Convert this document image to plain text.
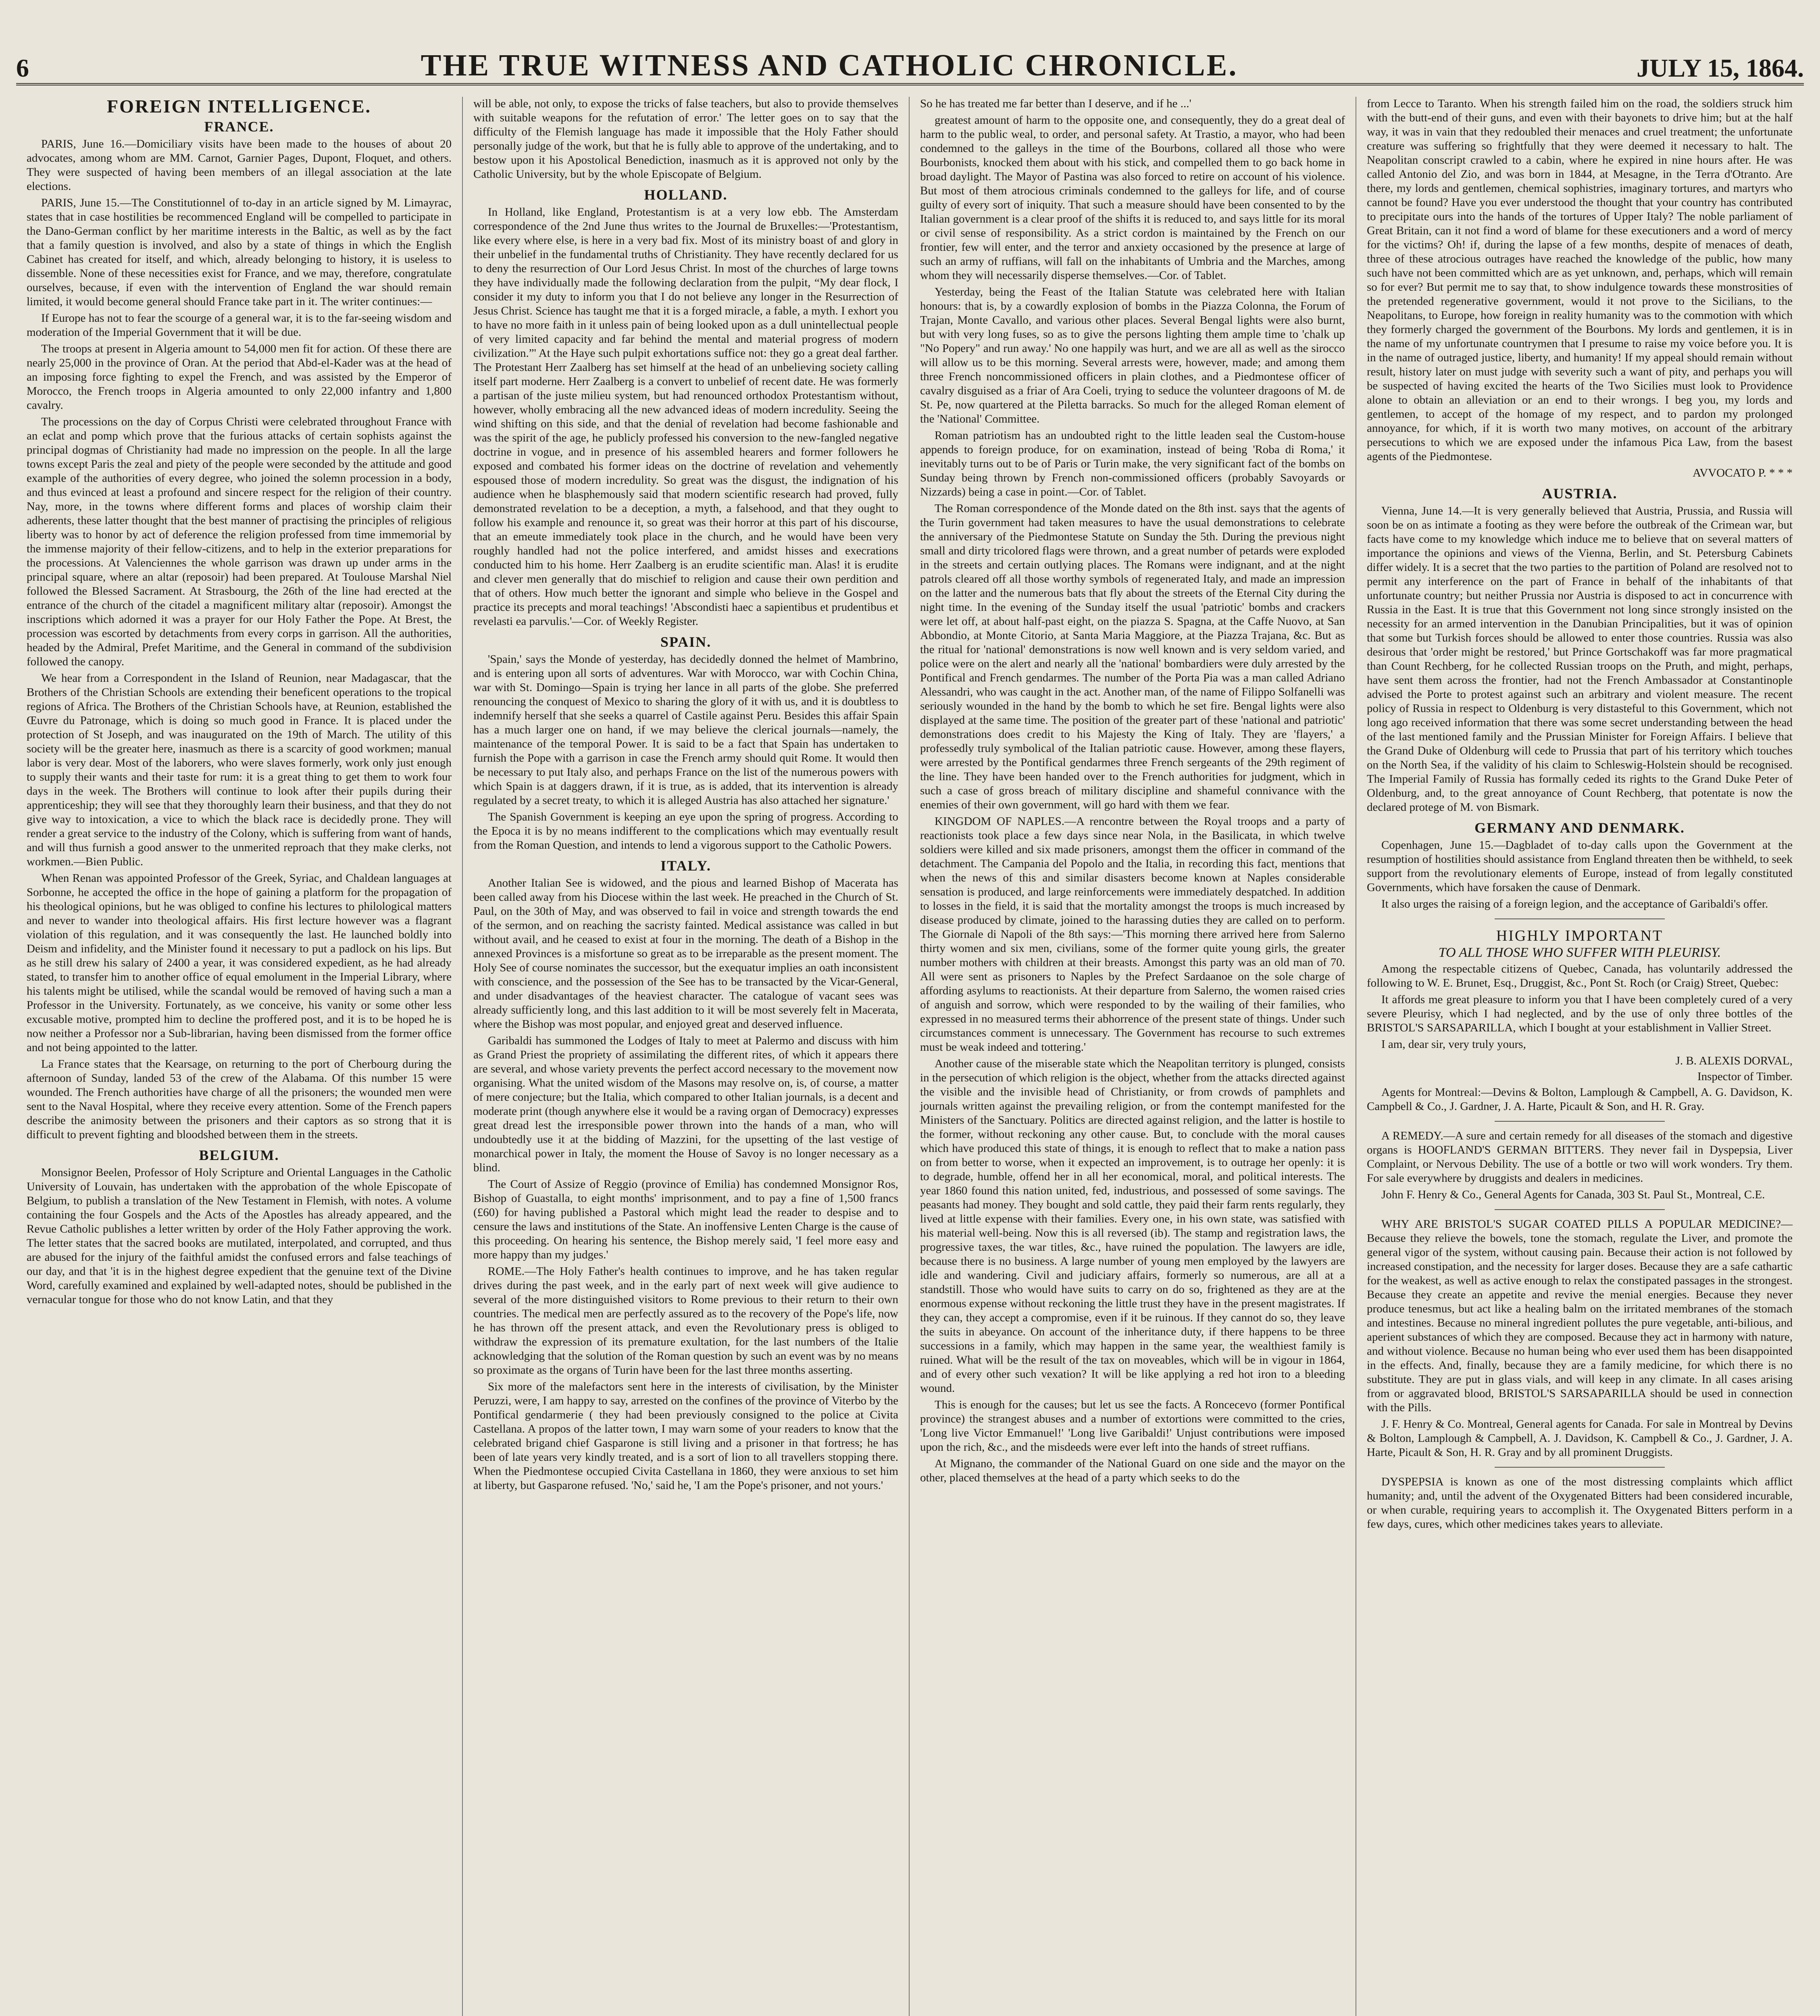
6	THE TRUE WITNESS AND CATHOLIC CHRONICLE.	JULY 15, 1864.
FOREIGN INTELLIGENCE.
FRANCE.

PARIS, June 16.—Domiciliary visits have been made to the houses of about 20 advocates, among whom are MM. Carnot, Garnier Pages, Dupont, Floquet, and others. They were suspected of having been members of an illegal association at the late elections.

PARIS, June 15.—The Constitutionnel of to-day in an article signed by M. Limayrac, states that in case hostilities be recommenced England will be compelled to participate in the Dano-German conflict by her maritime interests in the Baltic, as well as by the fact that a family question is involved, and also by a state of things in which the English Cabinet has created for itself, and which, already belonging to history, it is useless to dissemble. None of these necessities exist for France, and we may, therefore, congratulate ourselves, because, if even with the intervention of England the war should remain limited, it would become general should France take part in it. The writer continues:—

If Europe has not to fear the scourge of a general war, it is to the far-seeing wisdom and moderation of the Imperial Government that it will be due.

The troops at present in Algeria amount to 54,000 men fit for action. Of these there are nearly 25,000 in the province of Oran. At the period that Abd-el-Kader was at the head of an imposing force fighting to expel the French, and was assisted by the Emperor of Morocco, the French troops in Algeria amounted to only 22,000 infantry and 1,800 cavalry.

The processions on the day of Corpus Christi were celebrated throughout France with an eclat and pomp which prove that the furious attacks of certain sophists against the principal dogmas of Christianity had made no impression on the people. In all the large towns except Paris the zeal and piety of the people were seconded by the attitude and good example of the authorities of every degree, who joined the solemn procession in a body, and thus evinced at least a profound and sincere respect for the religion of their country. Nay, more, in the towns where different forms and places of worship claim their adherents, these latter thought that the best manner of practising the principles of religious liberty was to honor by act of deference the religion professed from time immemorial by the immense majority of their fellow-citizens, and to help in the exterior preparations for the processions. At Valenciennes the whole garrison was drawn up under arms in the principal square, where an altar (reposoir) had been prepared. At Toulouse Marshal Niel followed the Blessed Sacrament. At Strasbourg, the 26th of the line had erected at the entrance of the church of the citadel a magnificent military altar (reposoir). Amongst the inscriptions which adorned it was a prayer for our Holy Father the Pope. At Brest, the procession was escorted by detachments from every corps in garrison. All the authorities, headed by the Admiral, Prefet Maritime, and the General in command of the subdivision followed the canopy.

We hear from a Correspondent in the Island of Reunion, near Madagascar, that the Brothers of the Christian Schools are extending their beneficent operations to the tropical regions of Africa. The Brothers of the Christian Schools have, at Reunion, established the Œuvre du Patronage, which is doing so much good in France. It is placed under the protection of St Joseph, and was inaugurated on the 19th of March. The utility of this society will be the greater here, inasmuch as there is a scarcity of good workmen; manual labor is very dear. Most of the laborers, who were slaves formerly, work only just enough to supply their wants and their taste for rum: it is a great thing to get them to work four days in the week. The Brothers will continue to look after their pupils during their apprenticeship; they will see that they thoroughly learn their business, and that they do not give way to intoxication, a vice to which the black race is decidedly prone. They will render a great service to the industry of the Colony, which is suffering from want of hands, and will thus furnish a good answer to the unmerited reproach that they make clerks, not workmen.—Bien Public.

When Renan was appointed Professor of the Greek, Syriac, and Chaldean languages at Sorbonne, he accepted the office in the hope of gaining a platform for the propagation of his theological opinions, but he was obliged to confine his lectures to philological matters and never to wander into theological affairs. His first lecture however was a flagrant violation of this regulation, and it was consequently the last. He launched boldly into Deism and infidelity, and the Minister found it necessary to put a padlock on his lips. But as he still drew his salary of 2400 a year, it was considered expedient, as he had already stated, to transfer him to another office of equal emolument in the Imperial Library, where his talents might be utilised, while the scandal would be removed of having such a man a Professor in the University. Fortunately, as we conceive, his vanity or some other less excusable motive, prompted him to decline the proffered post, and it is to be hoped he is now neither a Professor nor a Sub-librarian, having been dismissed from the former office and not being appointed to the latter.

La France states that the Kearsage, on returning to the port of Cherbourg during the afternoon of Sunday, landed 53 of the crew of the Alabama. Of this number 15 were wounded. The French authorities have charge of all the prisoners; the wounded men were sent to the Naval Hospital, where they receive every attention. Some of the French papers describe the animosity between the prisoners and their captors as so strong that it is difficult to prevent fighting and bloodshed between them in the streets.

BELGIUM.

Monsignor Beelen, Professor of Holy Scripture and Oriental Languages in the Catholic University of Louvain, has undertaken with the approbation of the whole Episcopate of Belgium, to publish a translation of the New Testament in Flemish, with notes. A volume containing the four Gospels and the Acts of the Apostles has already appeared, and the Revue Catholic publishes a letter written by order of the Holy Father approving the work. The letter states that the sacred books are mutilated, interpolated, and corrupted, and thus are abused for the injury of the faithful amidst the confused errors and false teachings of our day, and that 'it is in the highest degree expedient that the genuine text of the Divine Word, carefully examined and explained by well-adapted notes, should be published in the vernacular tongue for those who do not know Latin, and that they

will be able, not only, to expose the tricks of false teachers, but also to provide themselves with suitable weapons for the refutation of error.' The letter goes on to say that the difficulty of the Flemish language has made it impossible that the Holy Father should personally judge of the work, but that he is fully able to approve of the undertaking, and to bestow upon it his Apostolical Benediction, inasmuch as it is approved not only by the Catholic University, but by the whole Episcopate of Belgium.

HOLLAND.

In Holland, like England, Protestantism is at a very low ebb. The Amsterdam correspondence of the 2nd June thus writes to the Journal de Bruxelles:—'Protestantism, like every where else, is here in a very bad fix. Most of its ministry boast of and glory in their unbelief in the fundamental truths of Christianity. They have recently declared for us to deny the resurrection of Our Lord Jesus Christ. In most of the churches of large towns they have individually made the following declaration from the pulpit, “My dear flock, I consider it my duty to inform you that I do not believe any longer in the Resurrection of Jesus Christ. Science has taught me that it is a forged miracle, a fable, a myth. I exhort you to have no more faith in it unless pain of being looked upon as a dull unintellectual people of very limited capacity and far behind the mental and material progress of modern civilization.”' At the Haye such pulpit exhortations suffice not: they go a great deal farther. The Protestant Herr Zaalberg has set himself at the head of an unbelieving society calling itself part moderne. Herr Zaalberg is a convert to unbelief of recent date. He was formerly a partisan of the juste milieu system, but had renounced orthodox Protestantism without, however, wholly embracing all the new advanced ideas of modern incredulity. Seeing the wind shifting on this side, and that the denial of revelation had become fashionable and was the spirit of the age, he publicly professed his conversion to the new-fangled negative doctrine in vogue, and in presence of his assembled hearers and former followers he exposed and combated his former ideas on the doctrine of revelation and vehemently espoused those of modern incredulity. So great was the disgust, the indignation of his audience when he blasphemously said that modern scientific research had proved, fully demonstrated revelation to be a deception, a myth, a falsehood, and that they ought to follow his example and renounce it, so great was their horror at this part of his discourse, that an emeute immediately took place in the church, and he would have been very roughly handled had not the police interfered, and amidst hisses and execrations conducted him to his home. Herr Zaalberg is an erudite scientific man. Alas! it is erudite and clever men generally that do mischief to religion and cause their own perdition and that of others. How much better the ignorant and simple who believe in the Gospel and practice its precepts and moral teachings! 'Abscondisti haec a sapientibus et prudentibus et revelasti ea parvulis.'—Cor. of Weekly Register.

SPAIN.

'Spain,' says the Monde of yesterday, has decidedly donned the helmet of Mambrino, and is entering upon all sorts of adventures. War with Morocco, war with Cochin China, war with St. Domingo—Spain is trying her lance in all parts of the globe. She preferred renouncing the conquest of Mexico to sharing the glory of it with us, and it is doubtless to indemnify herself that she seeks a quarrel of Castile against Peru. Besides this affair Spain has a much larger one on hand, if we may believe the clerical journals—namely, the maintenance of the temporal Power. It is said to be a fact that Spain has undertaken to furnish the Pope with a garrison in case the French army should quit Rome. It would then be necessary to put Italy also, and perhaps France on the list of the numerous powers with which Spain is at daggers drawn, if it is true, as is added, that its intervention is already regulated by a secret treaty, to which it is alleged Austria has also attached her signature.'

The Spanish Government is keeping an eye upon the spring of progress. According to the Epoca it is by no means indifferent to the complications which may eventually result from the Roman Question, and intends to lend a vigorous support to the Catholic Powers.

ITALY.

Another Italian See is widowed, and the pious and learned Bishop of Macerata has been called away from his Diocese within the last week. He preached in the Church of St. Paul, on the 30th of May, and was observed to fail in voice and strength towards the end of the sermon, and on reaching the sacristy fainted. Medical assistance was called in but without avail, and he ceased to exist at four in the morning. The death of a Bishop in the annexed Provinces is a misfortune so great as to be irreparable as the present moment. The Holy See of course nominates the successor, but the exequatur implies an oath inconsistent with conscience, and the possession of the See has to be transacted by the Vicar-General, and under disadvantages of the heaviest character. The catalogue of vacant sees was already sufficiently long, and this last addition to it will be most severely felt in Macerata, where the Bishop was most popular, and enjoyed great and deserved influence.

Garibaldi has summoned the Lodges of Italy to meet at Palermo and discuss with him as Grand Priest the propriety of assimilating the different rites, of which it appears there are several, and whose variety prevents the perfect accord necessary to the movement now organising. What the united wisdom of the Masons may resolve on, is, of course, a matter of mere conjecture; but the Italia, which compared to other Italian journals, is a decent and moderate print (though anywhere else it would be a raving organ of Democracy) expresses great dread lest the irresponsible power thrown into the hands of a man, who will undoubtedly use it at the bidding of Mazzini, for the upsetting of the last vestige of monarchical power in Italy, the moment the House of Savoy is no longer necessary as a blind.

The Court of Assize of Reggio (province of Emilia) has condemned Monsignor Ros, Bishop of Guastalla, to eight months' imprisonment, and to pay a fine of 1,500 francs (£60) for having published a Pastoral which might lead the reader to despise and to censure the laws and institutions of the State. An inoffensive Lenten Charge is the cause of this proceeding. On hearing his sentence, the Bishop merely said, 'I feel more easy and more happy than my judges.'

ROME.—The Holy Father's health continues to improve, and he has taken regular drives during the past week, and in the early part of next week will give audience to several of the more distinguished visitors to Rome previous to their return to their own countries. The medical men are perfectly assured as to the recovery of the Pope's life, now he has thrown off the present attack, and even the Revolutionary press is obliged to withdraw the expression of its premature exultation, for the last numbers of the Italie acknowledging that the solution of the Roman question by such an event was by no means so proximate as the organs of Turin have been for the last three months asserting.

Six more of the malefactors sent here in the interests of civilisation, by the Minister Peruzzi, were, I am happy to say, arrested on the confines of the province of Viterbo by the Pontifical gendarmerie ( they had been previously consigned to the police at Civita Castellana. A propos of the latter town, I may warn some of your readers to know that the celebrated brigand chief Gasparone is still living and a prisoner in that fortress; he has been of late years very kindly treated, and is a sort of lion to all travellers stopping there. When the Piedmontese occupied Civita Castellana in 1860, they were anxious to set him at liberty, but Gasparone refused. 'No,' said he, 'I am the Pope's prisoner, and not yours.'

So he has treated me far better than I deserve, and if he ...'

greatest amount of harm to the opposite one, and consequently, they do a great deal of harm to the public weal, to order, and personal safety. At Trastio, a mayor, who had been condemned to the galleys in the time of the Bourbons, collared all those who were Bourbonists, knocked them about with his stick, and compelled them to go back home in broad daylight. The Mayor of Pastina was also forced to retire on account of his violence. But most of them atrocious criminals condemned to the galleys for life, and of course guilty of every sort of iniquity. That such a measure should have been consented to by the Italian government is a clear proof of the shifts it is reduced to, and says little for its moral or civil sense of responsibility. As a strict cordon is maintained by the French on our frontier, few will enter, and the terror and anxiety occasioned by the presence at large of such an army of ruffians, will fall on the inhabitants of Umbria and the Marches, among whom they will necessarily disperse themselves.—Cor. of Tablet.

Yesterday, being the Feast of the Italian Statute was celebrated here with Italian honours: that is, by a cowardly explosion of bombs in the Piazza Colonna, the Forum of Trajan, Monte Cavallo, and various other places. Several Bengal lights were also burnt, but with very long fuses, so as to give the persons lighting them ample time to 'chalk up "No Popery" and run away.' No one happily was hurt, and we are all as well as the sirocco will allow us to be this morning. Several arrests were, however, made; and among them three French noncommissioned officers in plain clothes, and a Piedmontese officer of cavalry disguised as a friar of Ara Coeli, trying to seduce the volunteer dragoons of M. de St. Pe, now quartered at the Piletta barracks. So much for the alleged Roman element of the 'National' Committee.

Roman patriotism has an undoubted right to the little leaden seal the Custom-house appends to foreign produce, for on examination, instead of being 'Roba di Roma,' it inevitably turns out to be of Paris or Turin make, the very significant fact of the bombs on Sunday being thrown by French non-commissioned officers (probably Savoyards or Nizzards) being a case in point.—Cor. of Tablet.

The Roman correspondence of the Monde dated on the 8th inst. says that the agents of the Turin government had taken measures to have the usual demonstrations to celebrate the anniversary of the Piedmontese Statute on Sunday the 5th. During the previous night small and dirty tricolored flags were thrown, and a great number of petards were exploded in the streets and certain outlying places. The Romans were indignant, and at the night patrols cleared off all those worthy symbols of regenerated Italy, and made an impression on the latter and the numerous bats that fly about the streets of the Eternal City during the night time. In the evening of the Sunday itself the usual 'patriotic' bombs and crackers were let off, at about half-past eight, on the piazza S. Spagna, at the Caffe Nuovo, at San Abbondio, at Monte Citorio, at Santa Maria Maggiore, at the Piazza Trajana, &c. But as the ritual for 'national' demonstrations is now well known and is very seldom varied, and police were on the alert and nearly all the 'national' bombardiers were duly arrested by the Pontifical and French gendarmes. The number of the Porta Pia was a man called Adriano Alessandri, who was caught in the act. Another man, of the name of Filippo Solfanelli was seriously wounded in the hand by the bomb to which he set fire. Bengal lights were also displayed at the same time. The position of the greater part of these 'national and patriotic' demonstrations does credit to his Majesty the King of Italy. They are 'flayers,' a professedly truly symbolical of the Italian patriotic cause. However, among these flayers, were arrested by the Pontifical gendarmes three French sergeants of the 29th regiment of the line. They have been handed over to the French authorities for judgment, which in such a case of gross breach of military discipline and shameful connivance with the enemies of their own government, will go hard with them we fear.

KINGDOM OF NAPLES.—A rencontre between the Royal troops and a party of reactionists took place a few days since near Nola, in the Basilicata, in which twelve soldiers were killed and six made prisoners, amongst them the officer in command of the detachment. The Campania del Popolo and the Italia, in recording this fact, mentions that when the news of this and similar disasters become known at Naples considerable sensation is produced, and large reinforcements were immediately despatched. In addition to losses in the field, it is said that the mortality amongst the troops is much increased by disease produced by climate, joined to the harassing duties they are called on to perform. The Giornale di Napoli of the 8th says:—'This morning there arrived here from Salerno thirty women and six men, civilians, some of the former quite young girls, the greater number mothers with children at their breasts. Amongst this party was an old man of 70. All were sent as prisoners to Naples by the Prefect Sardaanoe on the sole charge of affording asylums to reactionists. At their departure from Salerno, the women raised cries of anguish and sorrow, which were responded to by the wailing of their families, who expressed in no measured terms their abhorrence of the present state of things. Under such circumstances comment is unnecessary. The Government has recourse to such extremes must be weak indeed and tottering.'

Another cause of the miserable state which the Neapolitan territory is plunged, consists in the persecution of which religion is the object, whether from the attacks directed against the visible and the invisible head of Christianity, or from crowds of pamphlets and journals written against the prevailing religion, or from the contempt manifested for the Ministers of the Sanctuary. Politics are directed against religion, and the latter is hostile to the former, without reckoning any other cause. But, to conclude with the moral causes which have produced this state of things, it is enough to reflect that to make a nation pass on from better to worse, when it expected an improvement, is to outrage her openly: it is to degrade, humble, offend her in all her economical, moral, and political interests. The year 1860 found this nation united, fed, industrious, and possessed of some savings. The peasants had money. They bought and sold cattle, they paid their farm rents regularly, they lived at little expense with their families. Every one, in his own state, was satisfied with his material well-being. Now this is all reversed (ib). The stamp and registration laws, the progressive taxes, the war titles, &c., have ruined the population. The lawyers are idle, because there is no business. A large number of young men employed by the lawyers are idle and wandering. Civil and judiciary affairs, formerly so numerous, are all at a standstill. Those who would have suits to carry on do so, frightened as they are at the enormous expense without reckoning the little trust they have in the present magistrates. If they can, they accept a compromise, even if it be ruinous. If they cannot do so, they leave the suits in abeyance. On account of the inheritance duty, if there happens to be three successions in a family, which may happen in the same year, the wealthiest family is ruined. What will be the result of the tax on moveables, which will be in vigour in 1864, and of every other such vexation? It will be like applying a red hot iron to a bleeding wound.

This is enough for the causes; but let us see the facts. A Roncecevo (former Pontifical province) the strangest abuses and a number of extortions were committed to the cries, 'Long live Victor Emmanuel!' 'Long live Garibaldi!' Unjust contributions were imposed upon the rich, &c., and the misdeeds were ever left into the hands of street ruffians.

At Mignano, the commander of the National Guard on one side and the mayor on the other, placed themselves at the head of a party which seeks to do the

from Lecce to Taranto. When his strength failed him on the road, the soldiers struck him with the butt-end of their guns, and even with their bayonets to drive him; but at the half way, it was in vain that they redoubled their menaces and cruel treatment; the unfortunate creature was suffering so frightfully that they were deemed it necessary to halt. The Neapolitan conscript crawled to a cabin, where he expired in nine hours after. He was called Antonio del Zio, and was born in 1844, at Mesagne, in the Terra d'Otranto. Are there, my lords and gentlemen, chemical sophistries, imaginary tortures, and martyrs who cannot be found? Have you ever understood the thought that your country has contributed to precipitate ours into the hands of the tortures of Upper Italy? The noble parliament of Great Britain, can it not find a word of blame for these executioners and a word of mercy for the victims? Oh! if, during the lapse of a few months, despite of menaces of death, three of these atrocious outrages have reached the knowledge of the public, how many such have not been committed which are as yet unknown, and, perhaps, which will remain so for ever? But permit me to say that, to show indulgence towards these monstrosities of the pretended regenerative government, would it not prove to the Sicilians, to the Neapolitans, to Europe, how foreign in reality humanity was to the commotion with which they formerly charged the government of the Bourbons. My lords and gentlemen, it is in the name of my unfortunate countrymen that I presume to raise my voice before you. It is in the name of outraged justice, liberty, and humanity! If my appeal should remain without result, history later on must judge with severity such a want of pity, and perhaps you will be suspected of having excited the hearts of the Two Sicilies must look to Providence alone to obtain an alleviation or an end to their wrongs. I beg you, my lords and gentlemen, to accept of the homage of my respect, and to pardon my prolonged annoyance, for which, if it is worth two many motives, on account of the arbitrary persecutions to which we are exposed under the infamous Pica Law, from the basest agents of the Piedmontese.

AVVOCATO P. * * *

AUSTRIA.

Vienna, June 14.—It is very generally believed that Austria, Prussia, and Russia will soon be on as intimate a footing as they were before the outbreak of the Crimean war, but facts have come to my knowledge which induce me to believe that on several matters of importance the opinions and views of the Vienna, Berlin, and St. Petersburg Cabinets differ widely. It is a secret that the two parties to the partition of Poland are resolved not to permit any interference on the part of France in behalf of the inhabitants of that unfortunate country; but neither Prussia nor Austria is disposed to act in concurrence with Russia in the East. It is true that this Government not long since strongly insisted on the necessity for an armed intervention in the Danubian Principalities, but it was of opinion that some but Turkish forces should be allowed to enter those countries. Russia was also desirous that 'order might be restored,' but Prince Gortschakoff was far more pragmatical than Count Rechberg, for he collected Russian troops on the Pruth, and might, perhaps, have sent them across the frontier, had not the French Ambassador at Constantinople advised the Porte to protest against such an arbitrary and violent measure. The recent policy of Russia in respect to Oldenburg is very distasteful to this Government, which not long ago received information that there was some secret understanding between the head of the last mentioned family and the Prussian Minister for Foreign Affairs. I believe that the Grand Duke of Oldenburg will cede to Prussia that part of his territory which touches on the North Sea, if the validity of his claim to Schleswig-Holstein should be recognised. The Imperial Family of Russia has formally ceded its rights to the Grand Duke Peter of Oldenburg, and, to the great annoyance of Count Rechberg, that potentate is now the declared protege of M. von Bismark.

GERMANY AND DENMARK.

Copenhagen, June 15.—Dagbladet of to-day calls upon the Government at the resumption of hostilities should assistance from England threaten then be withheld, to seek support from the revolutionary elements of Europe, instead of from legally constituted Governments, which have forsaken the cause of Denmark.

It also urges the raising of a foreign legion, and the acceptance of Garibaldi's offer.

HIGHLY IMPORTANT
TO ALL THOSE WHO SUFFER WITH PLEURISY.

Among the respectable citizens of Quebec, Canada, has voluntarily addressed the following to W. E. Brunet, Esq., Druggist, &c., Pont St. Roch (or Craig) Street, Quebec:

It affords me great pleasure to inform you that I have been completely cured of a very severe Pleurisy, which I had neglected, and by the use of only three bottles of the BRISTOL'S SARSAPARILLA, which I bought at your establishment in Vallier Street.

I am, dear sir, very truly yours,

J. B. ALEXIS DORVAL,

Inspector of Timber.

Agents for Montreal:—Devins & Bolton, Lamplough & Campbell, A. G. Davidson, K. Campbell & Co., J. Gardner, J. A. Harte, Picault & Son, and H. R. Gray.

A REMEDY.—A sure and certain remedy for all diseases of the stomach and digestive organs is HOOFLAND'S GERMAN BITTERS. They never fail in Dyspepsia, Liver Complaint, or Nervous Debility. The use of a bottle or two will work wonders. Try them. For sale everywhere by druggists and dealers in medicines.

John F. Henry & Co., General Agents for Canada, 303 St. Paul St., Montreal, C.E.

WHY ARE BRISTOL'S SUGAR COATED PILLS A POPULAR MEDICINE?—Because they relieve the bowels, tone the stomach, regulate the Liver, and promote the general vigor of the system, without causing pain. Because their action is not followed by increased constipation, and the necessity for larger doses. Because they are a safe cathartic for the weakest, as well as active enough to relax the constipated passages in the strongest. Because they create an appetite and revive the menial energies. Because they never produce tenesmus, but act like a healing balm on the irritated membranes of the stomach and intestines. Because no mineral ingredient pollutes the pure vegetable, anti-bilious, and aperient substances of which they are composed. Because they act in harmony with nature, and without violence. Because no human being who ever used them has been disappointed in the effects. And, finally, because they are a family medicine, for which there is no substitute. They are put in glass vials, and will keep in any climate. In all cases arising from or aggravated blood, BRISTOL'S SARSAPARILLA should be used in connection with the Pills.

J. F. Henry & Co. Montreal, General agents for Canada. For sale in Montreal by Devins & Bolton, Lamplough & Campbell, A. J. Davidson, K. Campbell & Co., J. Gardner, J. A. Harte, Picault & Son, H. R. Gray and by all prominent Druggists.

DYSPEPSIA is known as one of the most distressing complaints which afflict humanity; and, until the advent of the Oxygenated Bitters had been considered incurable, or when curable, requiring years to accomplish it. The Oxygenated Bitters perform in a few days, cures, which other medicines takes years to alleviate.
